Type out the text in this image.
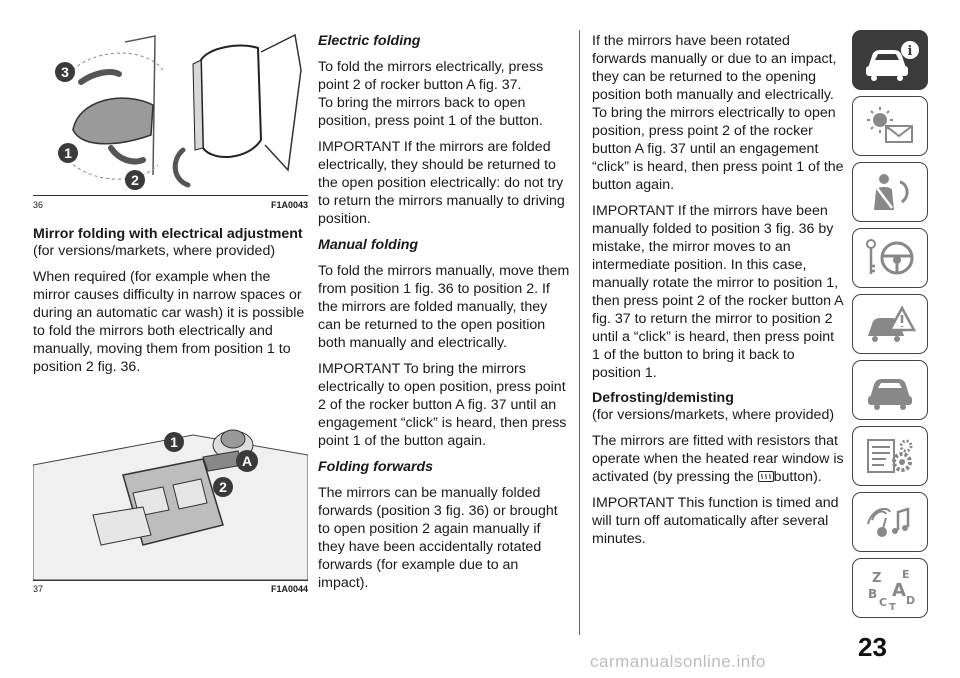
3
1
2
36	F1A0043
Mirror folding with electrical adjustment
(for versions/markets, where provided)

When required (for example when the mirror causes difficulty in narrow spaces or during an automatic car wash) it is possible to fold the mirrors both electrically and manually, moving them from position 1 to position 2 fig. 36.

1
A
2
37	F1A0044
Electric folding

To fold the mirrors electrically, press point 2 of rocker button A fig. 37.

To bring the mirrors back to open position, press point 1 of the button.

IMPORTANT If the mirrors are folded electrically, they should be returned to the open position electrically: do not try to return the mirrors manually to driving position.

Manual folding

To fold the mirrors manually, move them from position 1 fig. 36 to position 2. If the mirrors are folded manually, they can be returned to the open position both manually and electrically.

IMPORTANT To bring the mirrors electrically to open position, press point 2 of the rocker button A fig. 37 until an engagement “click” is heard, then press point 1 of the button again.

Folding forwards

The mirrors can be manually folded forwards (position 3 fig. 36) or brought to open position 2 again manually if they have been accidentally rotated forwards (for example due to an impact).

If the mirrors have been rotated forwards manually or due to an impact, they can be returned to the opening position both manually and electrically. To bring the mirrors electrically to open position, press point 2 of the rocker button A fig. 37 until an engagement “click” is heard, then press point 1 of the button again.

IMPORTANT If the mirrors have been manually folded to position 3 fig. 36 by mistake, the mirror moves to an intermediate position. In this case, manually rotate the mirror to position 1, then press point 2 of the rocker button A fig. 37 to return the mirror to position 2 until a “click” is heard, then press point 1 of the button to bring it back to position 1.

Defrosting/demisting
(for versions/markets, where provided)

The mirrors are fitted with resistors that operate when the heated rear window is activated (by pressing the button).

IMPORTANT This function is timed and will turn off automatically after several minutes.

i
Z E
B A
C D
T
23
carmanualsonline.info
